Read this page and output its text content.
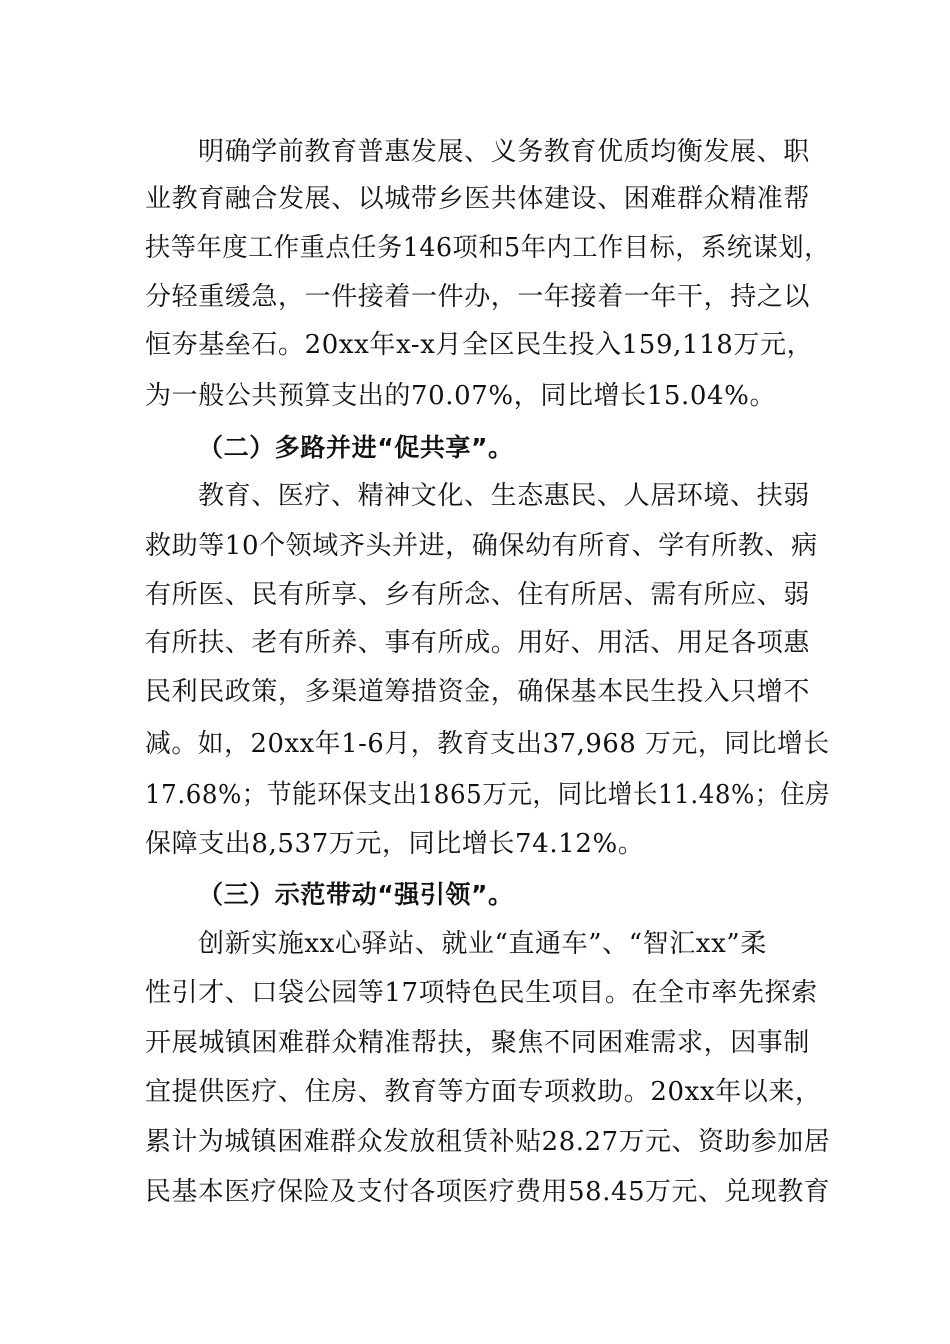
明确学前教育普惠发展、义务教育优质均衡发展、职
业教育融合发展、以城带乡医共体建设、困难群众精准帮
扶等年度工作重点任务146项和5年内工作目标，系统谋划，
分轻重缓急，一件接着一件办，一年接着一年干，持之以
恒夯基垒石。20xx年x-x月全区民生投入159,118万元，
为一般公共预算支出的70.07%，同比增长15.04%。
（二）多路并进“促共享”。
教育、医疗、精神文化、生态惠民、人居环境、扶弱
救助等10个领域齐头并进，确保幼有所育、学有所教、病
有所医、民有所享、乡有所念、住有所居、需有所应、弱
有所扶、老有所养、事有所成。用好、用活、用足各项惠
民利民政策，多渠道筹措资金，确保基本民生投入只增不
减。如，20xx年1-6月，教育支出37,968 万元，同比增长
17.68%；节能环保支出1865万元，同比增长11.48%；住房
保障支出8,537万元，同比增长74.12%。
（三）示范带动“强引领”。
创新实施xx心驿站、就业“直通车”、“智汇xx”柔
性引才、口袋公园等17项特色民生项目。在全市率先探索
开展城镇困难群众精准帮扶，聚焦不同困难需求，因事制
宜提供医疗、住房、教育等方面专项救助。20xx年以来，
累计为城镇困难群众发放租赁补贴28.27万元、资助参加居
民基本医疗保险及支付各项医疗费用58.45万元、兑现教育
